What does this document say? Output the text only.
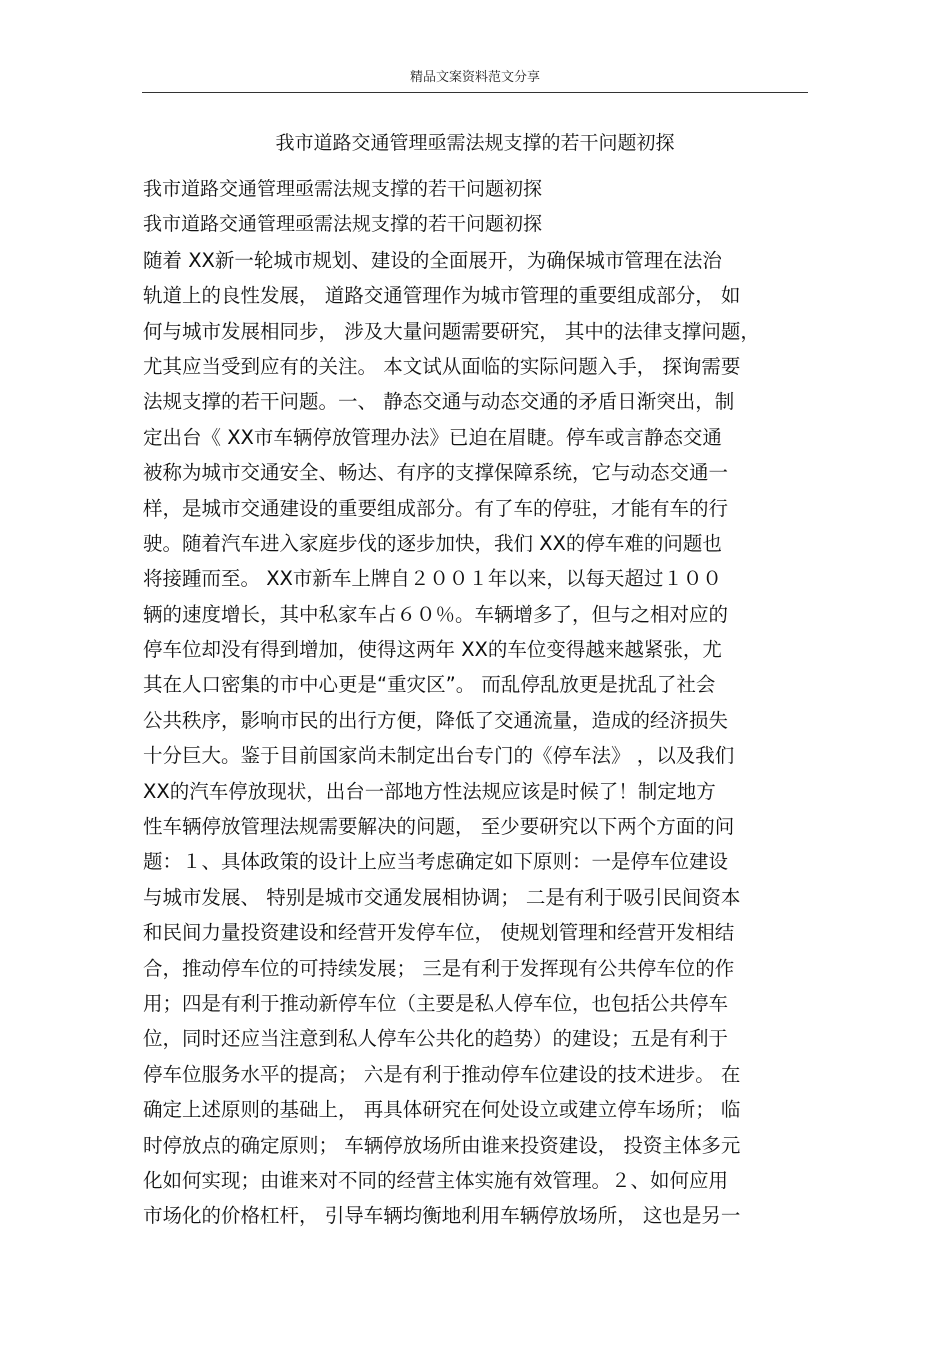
精品文案资料范文分享
我市道路交通管理亟需法规支撑的若干问题初探
我市道路交通管理亟需法规支撑的若干问题初探
我市道路交通管理亟需法规支撑的若干问题初探
随着 XX新一轮城市规划、建设的全面展开，为确保城市管理在法治
轨道上的良性发展， 道路交通管理作为城市管理的重要组成部分， 如
何与城市发展相同步， 涉及大量问题需要研究， 其中的法律支撑问题，
尤其应当受到应有的关注。 本文试从面临的实际问题入手， 探询需要
法规支撑的若干问题。一、 静态交通与动态交通的矛盾日渐突出，制
定出台《 XX市车辆停放管理办法》已迫在眉睫。停车或言静态交通
被称为城市交通安全、畅达、有序的支撑保障系统，它与动态交通一
样，是城市交通建设的重要组成部分。有了车的停驻，才能有车的行
驶。随着汽车进入家庭步伐的逐步加快，我们 XX的停车难的问题也
将接踵而至。 XX市新车上牌自２００１年以来，以每天超过１００
辆的速度增长，其中私家车占６０％。车辆增多了，但与之相对应的
停车位却没有得到增加，使得这两年 XX的车位变得越来越紧张，尤
其在人口密集的市中心更是“重灾区”。 而乱停乱放更是扰乱了社会
公共秩序，影响市民的出行方便，降低了交通流量，造成的经济损失
十分巨大。鉴于目前国家尚未制定出台专门的《停车法》 ，以及我们
XX的汽车停放现状，出台一部地方性法规应该是时候了！制定地方
性车辆停放管理法规需要解决的问题， 至少要研究以下两个方面的问
题：１、具体政策的设计上应当考虑确定如下原则：一是停车位建设
与城市发展、 特别是城市交通发展相协调； 二是有利于吸引民间资本
和民间力量投资建设和经营开发停车位， 使规划管理和经营开发相结
合，推动停车位的可持续发展； 三是有利于发挥现有公共停车位的作
用；四是有利于推动新停车位（主要是私人停车位，也包括公共停车
位，同时还应当注意到私人停车公共化的趋势）的建设；五是有利于
停车位服务水平的提高； 六是有利于推动停车位建设的技术进步。 在
确定上述原则的基础上， 再具体研究在何处设立或建立停车场所； 临
时停放点的确定原则； 车辆停放场所由谁来投资建设， 投资主体多元
化如何实现；由谁来对不同的经营主体实施有效管理。２、如何应用
市场化的价格杠杆， 引导车辆均衡地利用车辆停放场所， 这也是另一
